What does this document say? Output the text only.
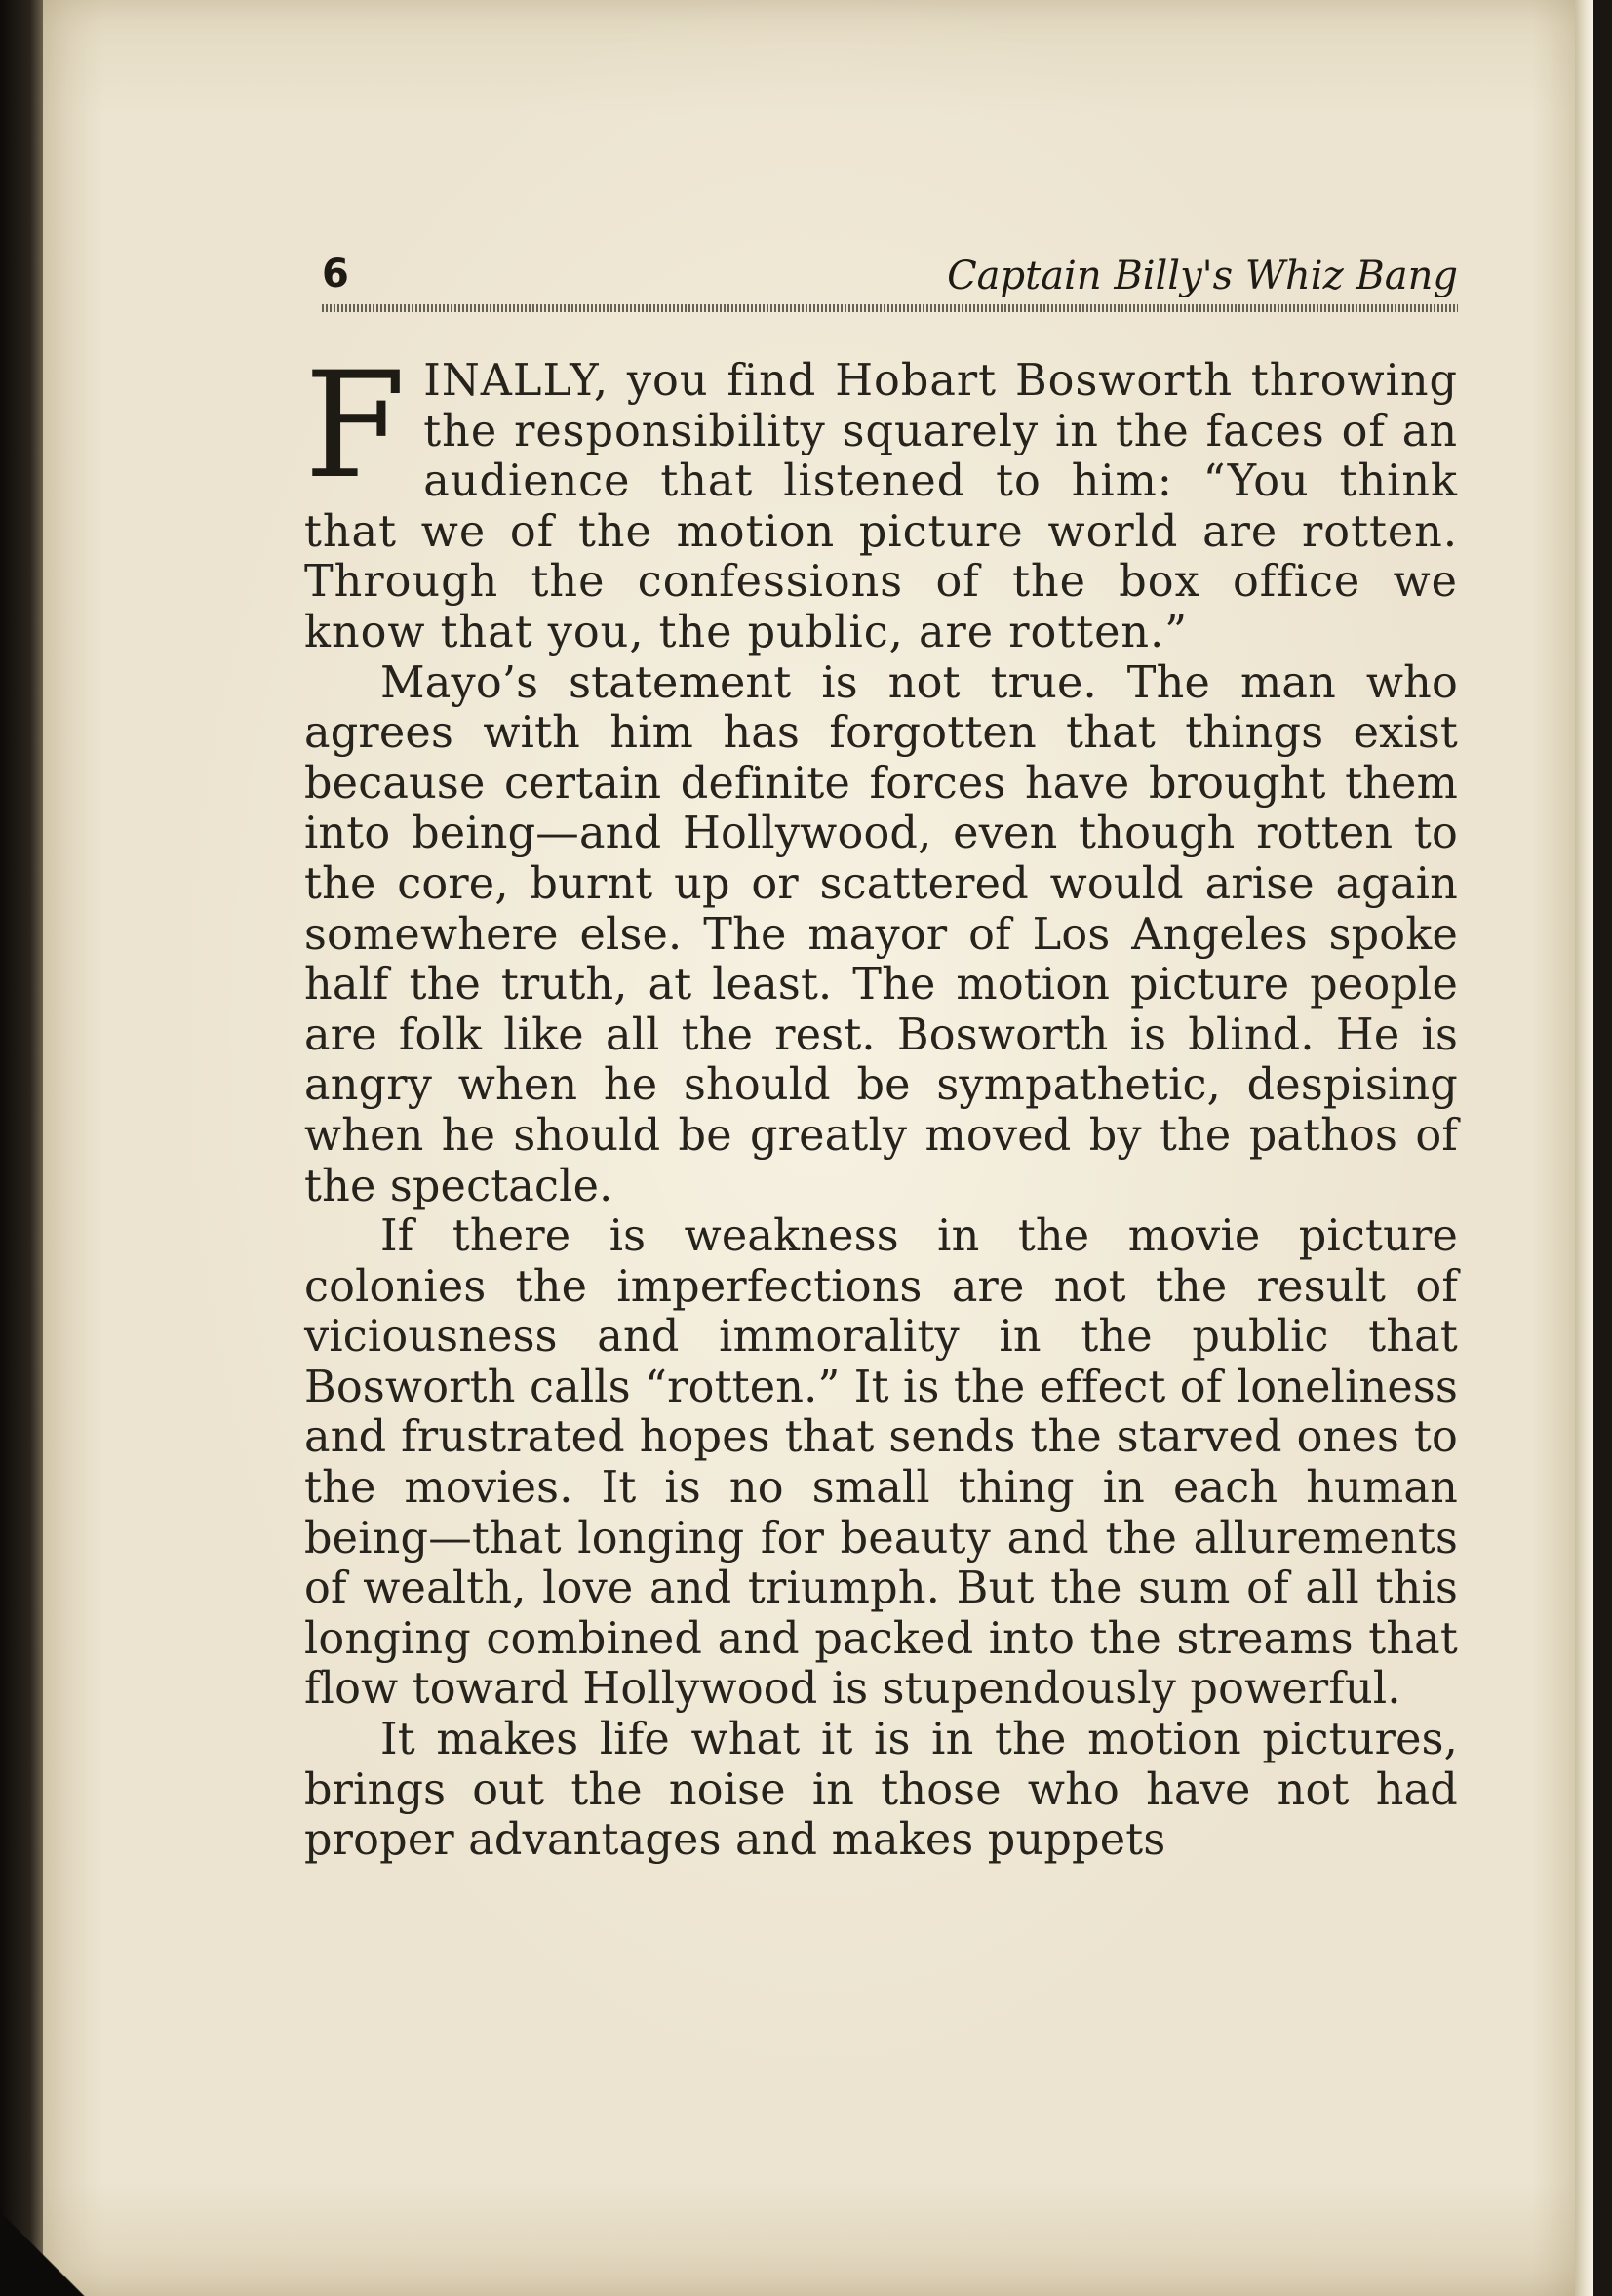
6	Captain Billy's Whiz Bang

FINALLY, you find Hobart Bosworth throwing the responsibility squarely in the faces of an audience that listened to him: “You think that we of the motion picture world are rotten. Through the confessions of the box office we know that you, the public, are rotten.”

Mayo’s statement is not true. The man who agrees with him has forgotten that things exist because certain definite forces have brought them into being—and Hollywood, even though rotten to the core, burnt up or scattered would arise again somewhere else. The mayor of Los Angeles spoke half the truth, at least. The motion picture people are folk like all the rest. Bosworth is blind. He is angry when he should be sympathetic, despising when he should be greatly moved by the pathos of the spectacle.

If there is weakness in the movie picture colonies the imperfections are not the result of viciousness and immorality in the public that Bosworth calls “rotten.” It is the effect of loneliness and frustrated hopes that sends the starved ones to the movies. It is no small thing in each human being—that longing for beauty and the allurements of wealth, love and triumph. But the sum of all this longing combined and packed into the streams that flow toward Hollywood is stupendously powerful.

It makes life what it is in the motion pictures, brings out the noise in those who have not had proper advantages and makes puppets
